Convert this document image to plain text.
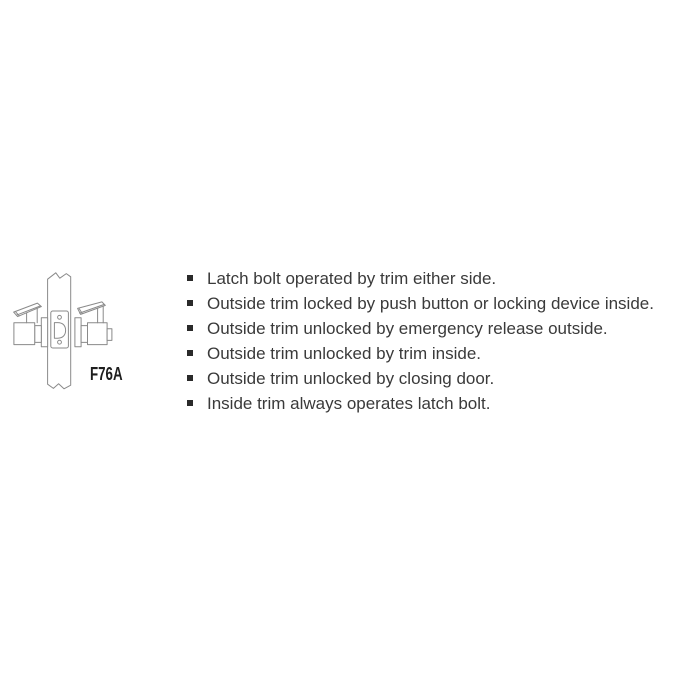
F76A
Latch bolt operated by trim either side.
Outside trim locked by push button or locking device inside.
Outside trim unlocked by emergency release outside.
Outside trim unlocked by trim inside.
Outside trim unlocked by closing door.
Inside trim always operates latch bolt.
